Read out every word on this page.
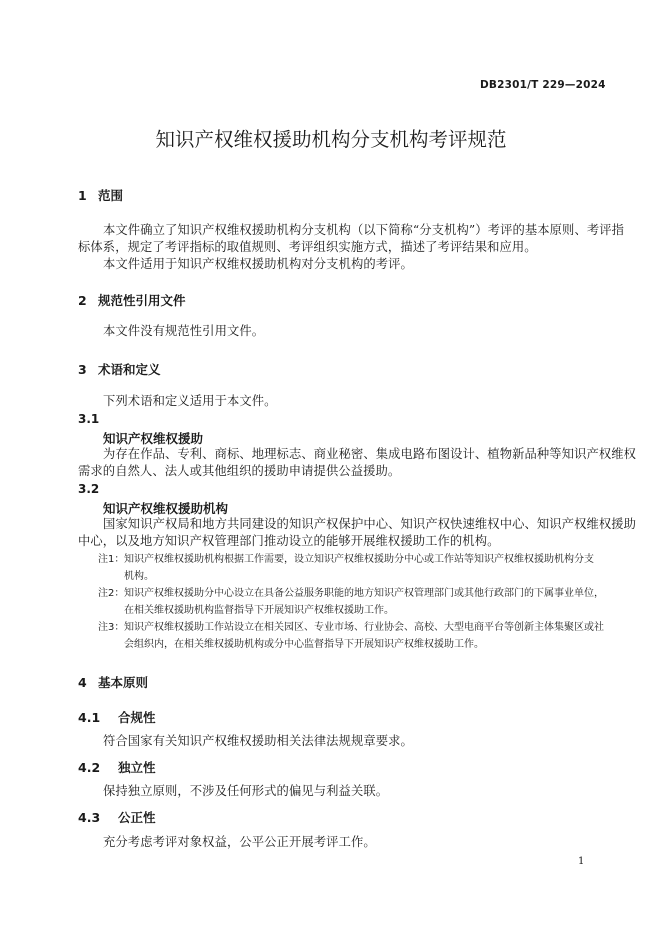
DB2301/T 229—2024
知识产权维权援助机构分支机构考评规范
1 范围
本文件确立了知识产权维权援助机构分支机构（以下简称“分支机构”）考评的基本原则、考评指
标体系，规定了考评指标的取值规则、考评组织实施方式，描述了考评结果和应用。
本文件适用于知识产权维权援助机构对分支机构的考评。
2 规范性引用文件
本文件没有规范性引用文件。
3 术语和定义
下列术语和定义适用于本文件。
3.1
知识产权维权援助
为存在作品、专利、商标、地理标志、商业秘密、集成电路布图设计、植物新品种等知识产权维权
需求的自然人、法人或其他组织的援助申请提供公益援助。
3.2
知识产权维权援助机构
国家知识产权局和地方共同建设的知识产权保护中心、知识产权快速维权中心、知识产权维权援助
中心，以及地方知识产权管理部门推动设立的能够开展维权援助工作的机构。
注1： 知识产权维权援助机构根据工作需要，设立知识产权维权援助分中心或工作站等知识产权维权援助机构分支
机构。
注2： 知识产权维权援助分中心设立在具备公益服务职能的地方知识产权管理部门或其他行政部门的下属事业单位，
在相关维权援助机构监督指导下开展知识产权维权援助工作。
注3： 知识产权维权援助工作站设立在相关园区、专业市场、行业协会、高校、大型电商平台等创新主体集聚区或社
会组织内，在相关维权援助机构或分中心监督指导下开展知识产权维权援助工作。
4 基本原则
4.1 合规性
符合国家有关知识产权维权援助相关法律法规规章要求。
4.2 独立性
保持独立原则，不涉及任何形式的偏见与利益关联。
4.3 公正性
充分考虑考评对象权益，公平公正开展考评工作。
1
